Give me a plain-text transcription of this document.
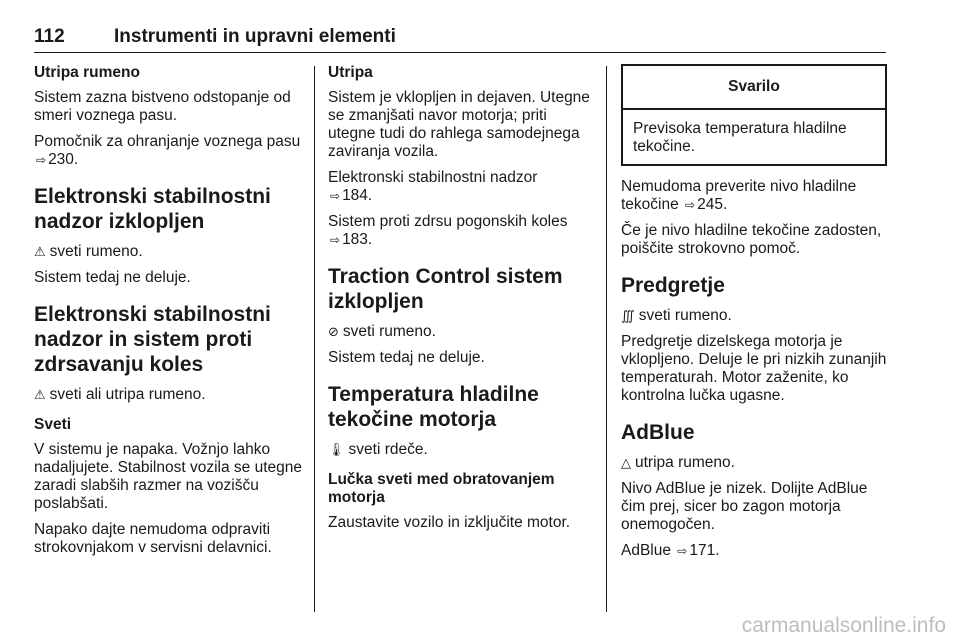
112	Instrumenti in upravni elementi
Utripa rumeno

Sistem zazna bistveno odstopanje od smeri voznega pasu.

Pomočnik za ohranjanje voznega pasu ⇨ 230.

Elektronski stabilnostni nadzor izklopljen

⚠ sveti rumeno.

Sistem tedaj ne deluje.

Elektronski stabilnostni nadzor in sistem proti zdrsavanju koles

⚠ sveti ali utripa rumeno.

Sveti

V sistemu je napaka. Vožnjo lahko nadaljujete. Stabilnost vozila se utegne zaradi slabših razmer na vozišču poslabšati.

Napako dajte nemudoma odpraviti strokovnjakom v servisni delavnici.

Utripa

Sistem je vklopljen in dejaven. Utegne se zmanjšati navor motorja; priti utegne tudi do rahlega samodejnega zaviranja vozila.

Elektronski stabilnostni nadzor
⇨ 184.

Sistem proti zdrsu pogonskih koles
⇨ 183.

Traction Control sistem izklopljen

⊘ sveti rumeno.

Sistem tedaj ne deluje.

Temperatura hladilne tekočine motorja

🌡 sveti rdeče.

Lučka sveti med obratovanjem motorja

Zaustavite vozilo in izključite motor.

Svarilo

Previsoka temperatura hladilne tekočine.

Nemudoma preverite nivo hladilne tekočine ⇨ 245.

Če je nivo hladilne tekočine zadosten, poiščite strokovno pomoč.

Predgretje

∭ sveti rumeno.

Predgretje dizelskega motorja je vklopljeno. Deluje le pri nizkih zunanjih temperaturah. Motor zaženite, ko kontrolna lučka ugasne.

AdBlue

△ utripa rumeno.

Nivo AdBlue je nizek. Dolijte AdBlue čim prej, sicer bo zagon motorja onemogočen.

AdBlue ⇨ 171.

carmanualsonline.info
